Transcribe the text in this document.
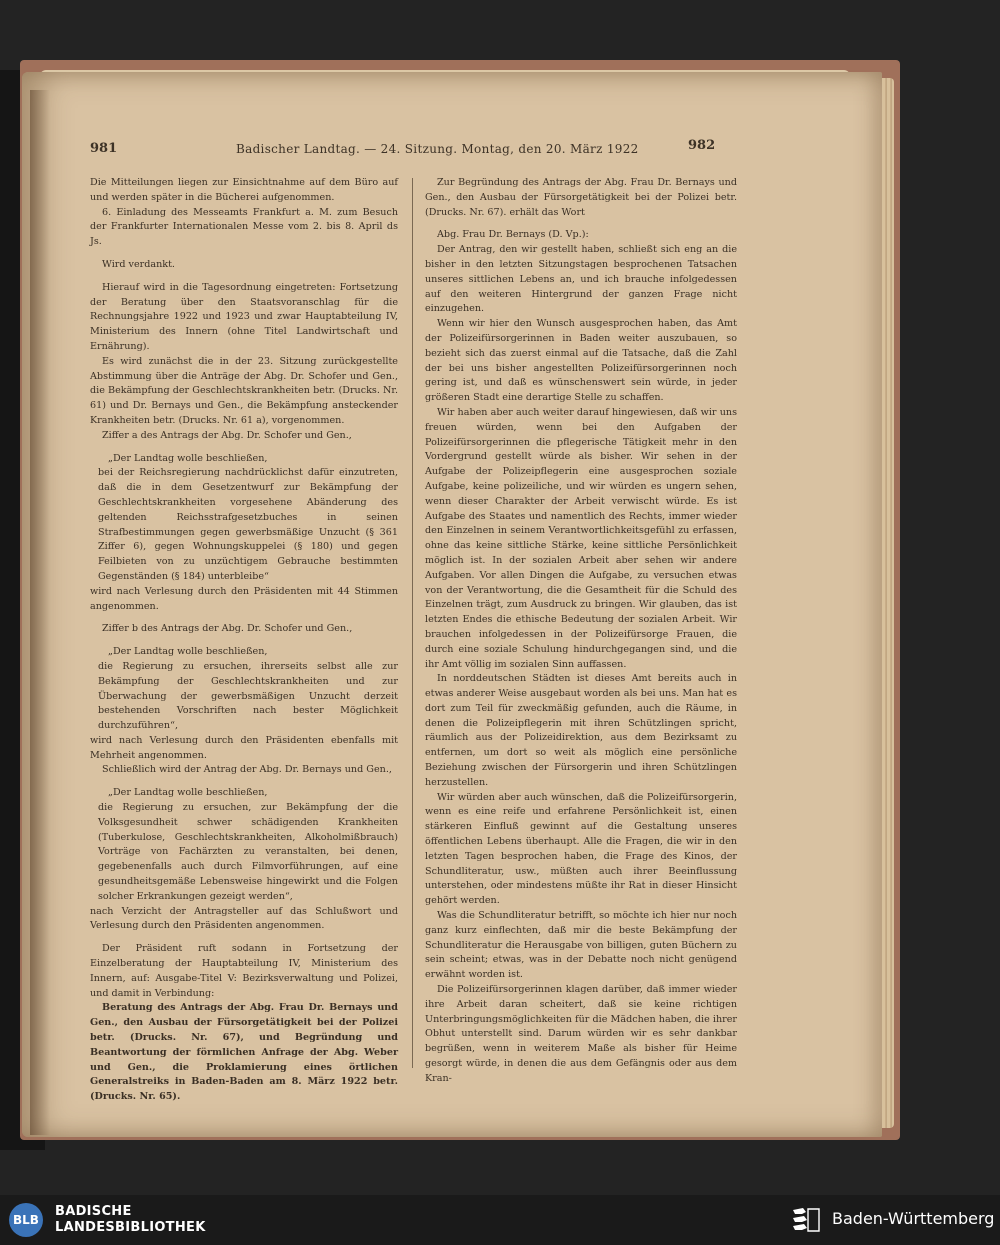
981	Badischer Landtag. — 24. Sitzung. Montag, den 20. März 1922	982

Die Mitteilungen liegen zur Einsichtnahme auf dem Büro auf und werden später in die Bücherei aufgenommen.

6. Einladung des Messeamts Frankfurt a. M. zum Besuch der Frankfurter Internationalen Messe vom 2. bis 8. April ds Js.

Wird verdankt.

Hierauf wird in die Tagesordnung eingetreten: Fortsetzung der Beratung über den Staatsvoranschlag für die Rechnungsjahre 1922 und 1923 und zwar Hauptabteilung IV, Ministerium des Innern (ohne Titel Landwirtschaft und Ernährung).

Es wird zunächst die in der 23. Sitzung zurückgestellte Abstimmung über die Anträge der Abg. Dr. Schofer und Gen., die Bekämpfung der Geschlechtskrankheiten betr. (Drucks. Nr. 61) und Dr. Bernays und Gen., die Bekämpfung ansteckender Krankheiten betr. (Drucks. Nr. 61 a), vorgenommen.

Ziffer a des Antrags der Abg. Dr. Schofer und Gen.,

„Der Landtag wolle beschließen,

bei der Reichsregierung nachdrücklichst dafür einzutreten, daß die in dem Gesetzentwurf zur Bekämpfung der Geschlechtskrankheiten vorgesehene Abänderung des geltenden Reichsstrafgesetzbuches in seinen Strafbestimmungen gegen gewerbsmäßige Unzucht (§ 361 Ziffer 6), gegen Wohnungskuppelei (§ 180) und gegen Feilbieten von zu unzüchtigem Gebrauche bestimmten Gegenständen (§ 184) unterbleibe“

wird nach Verlesung durch den Präsidenten mit 44 Stimmen angenommen.

Ziffer b des Antrags der Abg. Dr. Schofer und Gen.,

„Der Landtag wolle beschließen,

die Regierung zu ersuchen, ihrerseits selbst alle zur Bekämpfung der Geschlechtskrankheiten und zur Überwachung der gewerbsmäßigen Unzucht derzeit bestehenden Vorschriften nach bester Möglichkeit durchzuführen“,

wird nach Verlesung durch den Präsidenten ebenfalls mit Mehrheit angenommen.

Schließlich wird der Antrag der Abg. Dr. Bernays und Gen.,

„Der Landtag wolle beschließen,

die Regierung zu ersuchen, zur Bekämpfung der die Volksgesundheit schwer schädigenden Krankheiten (Tuberkulose, Geschlechtskrankheiten, Alkoholmißbrauch) Vorträge von Fachärzten zu veranstalten, bei denen, gegebenenfalls auch durch Filmvorführungen, auf eine gesundheitsgemäße Lebensweise hingewirkt und die Folgen solcher Erkrankungen gezeigt werden“,

nach Verzicht der Antragsteller auf das Schlußwort und Verlesung durch den Präsidenten angenommen.

Der Präsident ruft sodann in Fortsetzung der Einzelberatung der Hauptabteilung IV, Ministerium des Innern, auf: Ausgabe-Titel V: Bezirksverwaltung und Polizei, und damit in Verbindung:

Beratung des Antrags der Abg. Frau Dr. Bernays und Gen., den Ausbau der Fürsorgetätigkeit bei der Polizei betr. (Drucks. Nr. 67), und Begründung und Beantwortung der förmlichen Anfrage der Abg. Weber und Gen., die Proklamierung eines örtlichen Generalstreiks in Baden-Baden am 8. März 1922 betr. (Drucks. Nr. 65).

Zur Begründung des Antrags der Abg. Frau Dr. Bernays und Gen., den Ausbau der Fürsorgetätigkeit bei der Polizei betr. (Drucks. Nr. 67). erhält das Wort

Abg. Frau Dr. Bernays (D. Vp.):

Der Antrag, den wir gestellt haben, schließt sich eng an die bisher in den letzten Sitzungstagen besprochenen Tatsachen unseres sittlichen Lebens an, und ich brauche infolgedessen auf den weiteren Hintergrund der ganzen Frage nicht einzugehen.

Wenn wir hier den Wunsch ausgesprochen haben, das Amt der Polizeifürsorgerinnen in Baden weiter auszubauen, so bezieht sich das zuerst einmal auf die Tatsache, daß die Zahl der bei uns bisher angestellten Polizeifürsorgerinnen noch gering ist, und daß es wünschenswert sein würde, in jeder größeren Stadt eine derartige Stelle zu schaffen.

Wir haben aber auch weiter darauf hingewiesen, daß wir uns freuen würden, wenn bei den Aufgaben der Polizeifürsorgerinnen die pflegerische Tätigkeit mehr in den Vordergrund gestellt würde als bisher. Wir sehen in der Aufgabe der Polizeipflegerin eine ausgesprochen soziale Aufgabe, keine polizeiliche, und wir würden es ungern sehen, wenn dieser Charakter der Arbeit verwischt würde. Es ist Aufgabe des Staates und namentlich des Rechts, immer wieder den Einzelnen in seinem Verantwortlichkeitsgefühl zu erfassen, ohne das keine sittliche Stärke, keine sittliche Persönlichkeit möglich ist. In der sozialen Arbeit aber sehen wir andere Aufgaben. Vor allen Dingen die Aufgabe, zu versuchen etwas von der Verantwortung, die die Gesamtheit für die Schuld des Einzelnen trägt, zum Ausdruck zu bringen. Wir glauben, das ist letzten Endes die ethische Bedeutung der sozialen Arbeit. Wir brauchen infolgedessen in der Polizeifürsorge Frauen, die durch eine soziale Schulung hindurchgegangen sind, und die ihr Amt völlig im sozialen Sinn auffassen.

In norddeutschen Städten ist dieses Amt bereits auch in etwas anderer Weise ausgebaut worden als bei uns. Man hat es dort zum Teil für zweckmäßig gefunden, auch die Räume, in denen die Polizeipflegerin mit ihren Schützlingen spricht, räumlich aus der Polizeidirektion, aus dem Bezirksamt zu entfernen, um dort so weit als möglich eine persönliche Beziehung zwischen der Fürsorgerin und ihren Schützlingen herzustellen.

Wir würden aber auch wünschen, daß die Polizeifürsorgerin, wenn es eine reife und erfahrene Persönlichkeit ist, einen stärkeren Einfluß gewinnt auf die Gestaltung unseres öffentlichen Lebens überhaupt. Alle die Fragen, die wir in den letzten Tagen besprochen haben, die Frage des Kinos, der Schundliteratur, usw., müßten auch ihrer Beeinflussung unterstehen, oder mindestens müßte ihr Rat in dieser Hinsicht gehört werden.

Was die Schundliteratur betrifft, so möchte ich hier nur noch ganz kurz einflechten, daß mir die beste Bekämpfung der Schundliteratur die Herausgabe von billigen, guten Büchern zu sein scheint; etwas, was in der Debatte noch nicht genügend erwähnt worden ist.

Die Polizeifürsorgerinnen klagen darüber, daß immer wieder ihre Arbeit daran scheitert, daß sie keine richtigen Unterbringungsmöglichkeiten für die Mädchen haben, die ihrer Obhut unterstellt sind. Darum würden wir es sehr dankbar begrüßen, wenn in weiterem Maße als bisher für Heime gesorgt würde, in denen die aus dem Gefängnis oder aus dem Kran-

BLB
BADISCHE
LANDESBIBLIOTHEK	Baden-Württemberg
